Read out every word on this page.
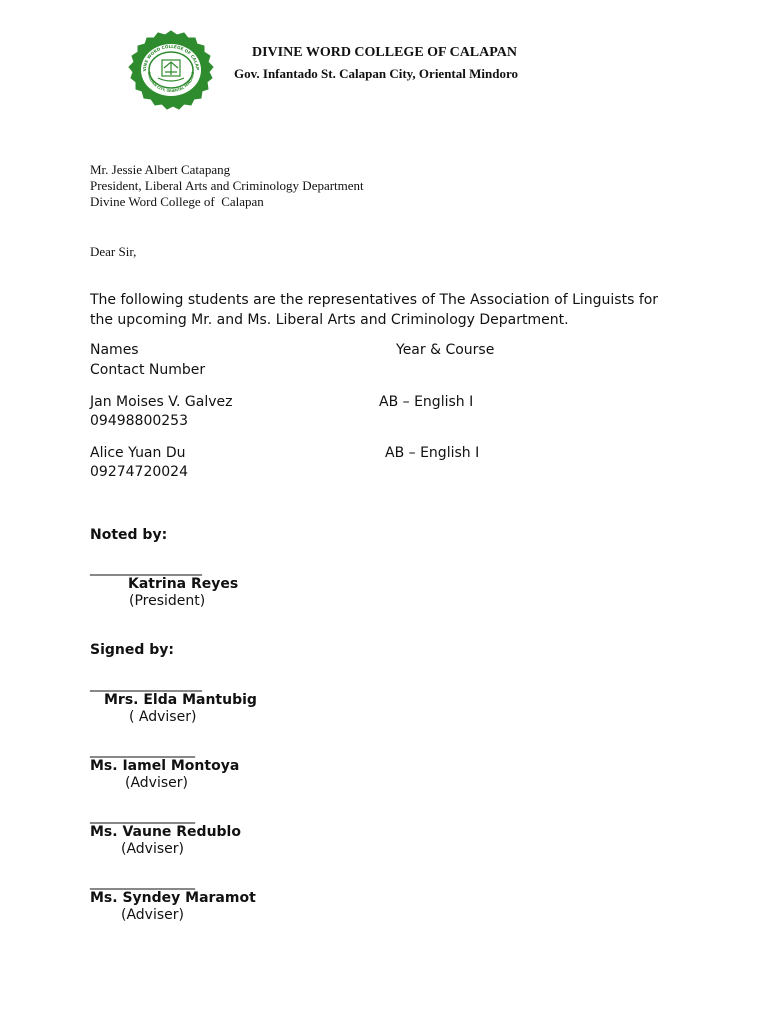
VINE WORD COLLEGE OF CALAP
CALAPAN CITY, ORIENTAL MINDORO
DIVINE WORD COLLEGE OF CALAPAN
Gov. Infantado St. Calapan City, Oriental Mindoro
Mr. Jessie Albert Catapang
President, Liberal Arts and Criminology Department
Divine Word College of  Calapan
Dear Sir,
The following students are the representatives of The Association of Linguists for the upcoming Mr. and Ms. Liberal Arts and Criminology Department.
Names	Year & Course
Contact Number
Jan Moises V. Galvez	AB – English I
09498800253
Alice Yuan Du	AB – English I
09274720024
Noted by:
________________
Katrina Reyes
(President)
Signed by:
________________
Mrs. Elda Mantubig
( Adviser)
_______________
Ms. Iamel Montoya
(Adviser)
_______________
Ms. Vaune Redublo
(Adviser)
_______________
Ms. Syndey Maramot
(Adviser)
